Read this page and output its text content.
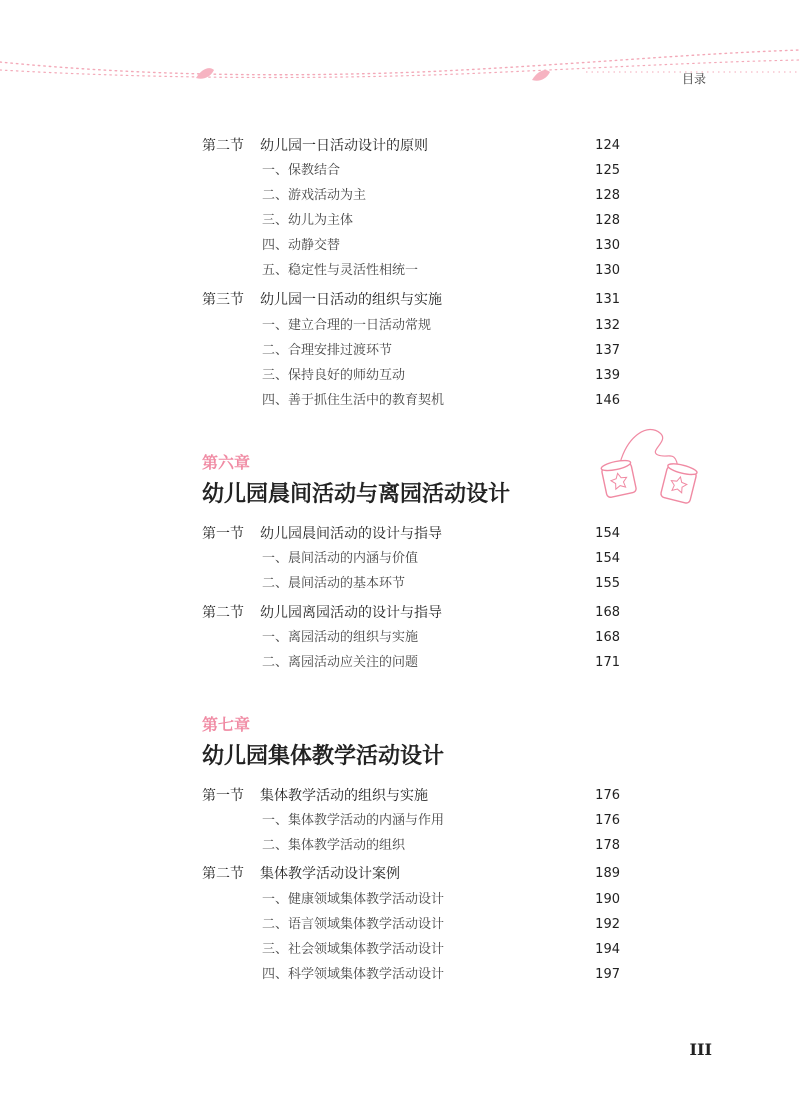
目录
第二节 幼儿园一日活动设计的原则	124
一、保教结合	125
二、游戏活动为主	128
三、幼儿为主体	128
四、动静交替	130
五、稳定性与灵活性相统一	130
第三节 幼儿园一日活动的组织与实施	131
一、建立合理的一日活动常规	132
二、合理安排过渡环节	137
三、保持良好的师幼互动	139
四、善于抓住生活中的教育契机	146
第六章
幼儿园晨间活动与离园活动设计
第一节 幼儿园晨间活动的设计与指导	154
一、晨间活动的内涵与价值	154
二、晨间活动的基本环节	155
第二节 幼儿园离园活动的设计与指导	168
一、离园活动的组织与实施	168
二、离园活动应关注的问题	171
第七章
幼儿园集体教学活动设计
第一节 集体教学活动的组织与实施	176
一、集体教学活动的内涵与作用	176
二、集体教学活动的组织	178
第二节 集体教学活动设计案例	189
一、健康领域集体教学活动设计	190
二、语言领域集体教学活动设计	192
三、社会领域集体教学活动设计	194
四、科学领域集体教学活动设计	197
III
